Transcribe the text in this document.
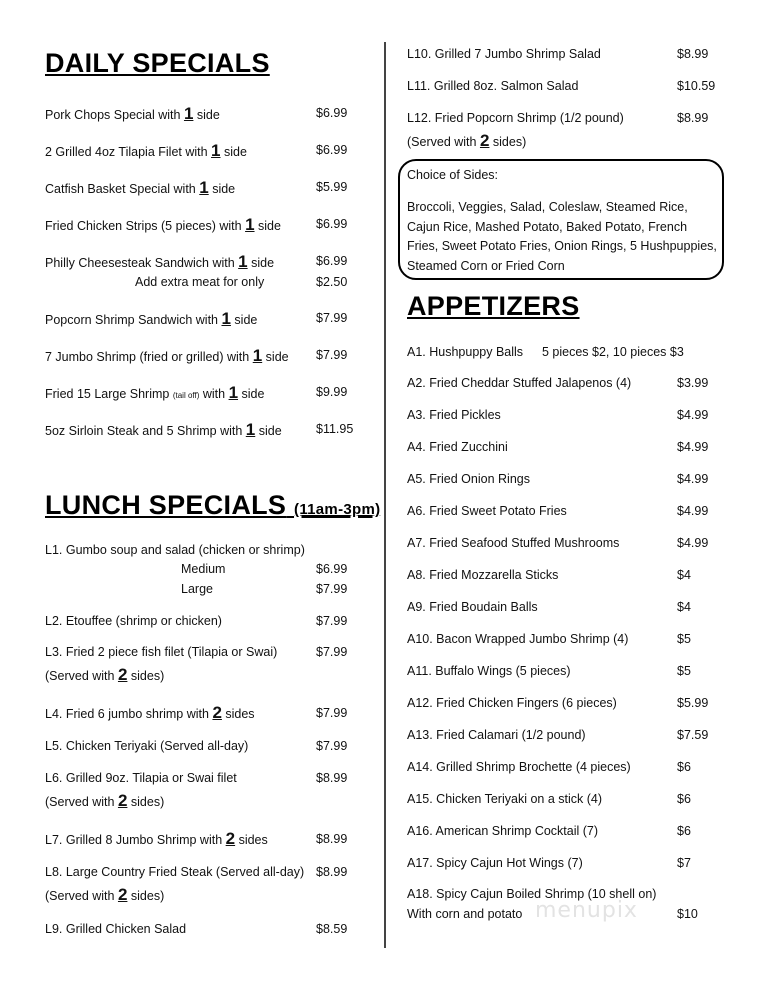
DAILY SPECIALS
Pork Chops Special with 1 side	$6.99
2 Grilled 4oz Tilapia Filet with 1 side	$6.99
Catfish Basket Special with 1 side	$5.99
Fried Chicken Strips (5 pieces) with 1 side	$6.99
Philly Cheesesteak Sandwich with 1 side	$6.99
Add extra meat for only	$2.50
Popcorn Shrimp Sandwich with 1 side	$7.99
7 Jumbo Shrimp (fried or grilled) with 1 side $7.99
Fried 15 Large Shrimp (tail off) with 1 side	$9.99
5oz Sirloin Steak and 5 Shrimp with 1 side	$11.95
LUNCH SPECIALS (11am-3pm)
L1. Gumbo soup and salad (chicken or shrimp)
Medium	$6.99
Large	$7.99
L2. Etouffee (shrimp or chicken)	$7.99
L3. Fried 2 piece fish filet (Tilapia or Swai)	$7.99
(Served with 2 sides)
L4. Fried 6 jumbo shrimp with 2 sides	$7.99
L5. Chicken Teriyaki (Served all-day)	$7.99
L6. Grilled 9oz. Tilapia or Swai filet	$8.99
(Served with 2 sides)
L7. Grilled 8 Jumbo Shrimp with 2 sides	$8.99
L8. Large Country Fried Steak (Served all-day) $8.99
(Served with 2 sides)
L9. Grilled Chicken Salad	$8.59
L10. Grilled 7 Jumbo Shrimp Salad	$8.99
L11. Grilled 8oz. Salmon Salad	$10.59
L12. Fried Popcorn Shrimp (1/2 pound)	$8.99
(Served with 2 sides)
Choice of Sides:
Broccoli, Veggies, Salad, Coleslaw, Steamed Rice, Cajun Rice, Mashed Potato, Baked Potato, French Fries, Sweet Potato Fries, Onion Rings, 5 Hushpuppies, Steamed Corn or Fried Corn
APPETIZERS
A1. Hushpuppy Balls 5 pieces $2, 10 pieces $3
A2. Fried Cheddar Stuffed Jalapenos (4)	$3.99
A3. Fried Pickles	$4.99
A4. Fried Zucchini	$4.99
A5. Fried Onion Rings	$4.99
A6. Fried Sweet Potato Fries	$4.99
A7. Fried Seafood Stuffed Mushrooms	$4.99
A8. Fried Mozzarella Sticks	$4
A9. Fried Boudain Balls	$4
A10. Bacon Wrapped Jumbo Shrimp (4)	$5
A11. Buffalo Wings (5 pieces)	$5
A12. Fried Chicken Fingers (6 pieces)	$5.99
A13. Fried Calamari (1/2 pound)	$7.59
A14. Grilled Shrimp Brochette (4 pieces)	$6
A15. Chicken Teriyaki on a stick (4)	$6
A16. American Shrimp Cocktail (7)	$6
A17. Spicy Cajun Hot Wings (7)	$7
A18. Spicy Cajun Boiled Shrimp (10 shell on)
With corn and potato	$10
menupix
